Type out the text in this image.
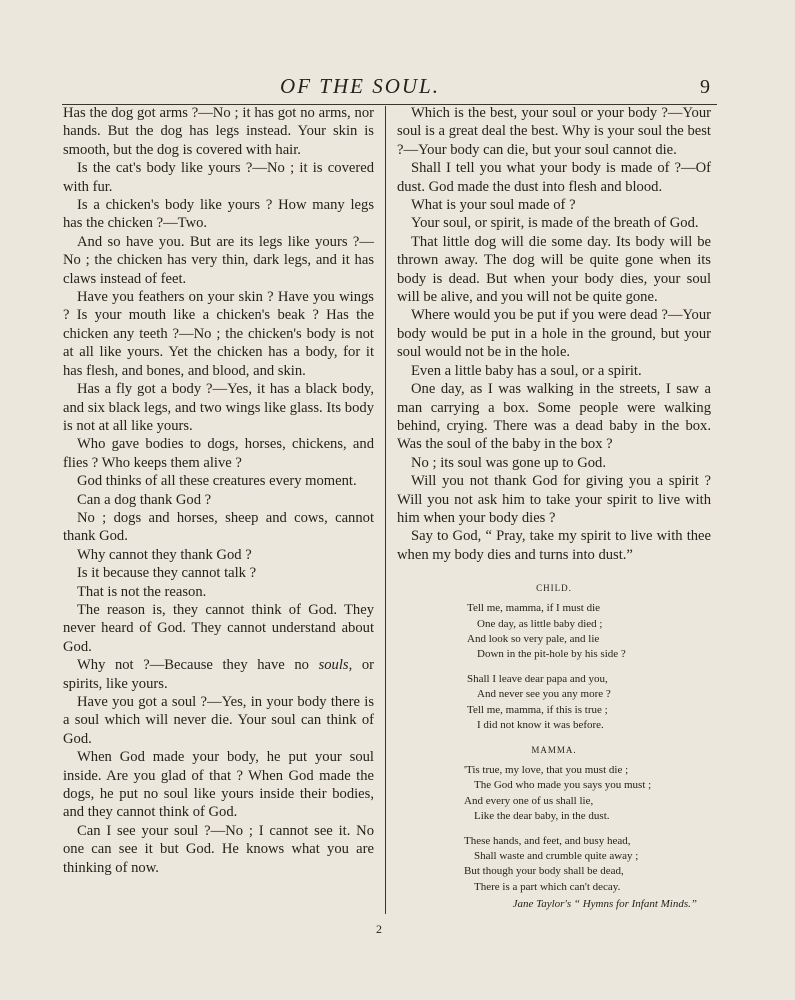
OF THE SOUL.	9
2

Has the dog got arms ?—No ; it has got no arms, nor hands. But the dog has legs instead. Your skin is smooth, but the dog is covered with hair.

Is the cat's body like yours ?—No ; it is covered with fur.

Is a chicken's body like yours ? How many legs has the chicken ?—Two.

And so have you. But are its legs like yours ?—No ; the chicken has very thin, dark legs, and it has claws instead of feet.

Have you feathers on your skin ? Have you wings ? Is your mouth like a chicken's beak ? Has the chicken any teeth ?—No ; the chicken's body is not at all like yours. Yet the chicken has a body, for it has flesh, and bones, and blood, and skin.

Has a fly got a body ?—Yes, it has a black body, and six black legs, and two wings like glass. Its body is not at all like yours.

Who gave bodies to dogs, horses, chickens, and flies ? Who keeps them alive ?

God thinks of all these creatures every moment.

Can a dog thank God ?

No ; dogs and horses, sheep and cows, cannot thank God.

Why cannot they thank God ?

Is it because they cannot talk ?

That is not the reason.

The reason is, they cannot think of God. They never heard of God. They cannot understand about God.

Why not ?—Because they have no souls, or spirits, like yours.

Have you got a soul ?—Yes, in your body there is a soul which will never die. Your soul can think of God.

When God made your body, he put your soul inside. Are you glad of that ? When God made the dogs, he put no soul like yours inside their bodies, and they cannot think of God.

Can I see your soul ?—No ; I cannot see it. No one can see it but God. He knows what you are thinking of now.

Which is the best, your soul or your body ?—Your soul is a great deal the best. Why is your soul the best ?—Your body can die, but your soul cannot die.

Shall I tell you what your body is made of ?—Of dust. God made the dust into flesh and blood.

What is your soul made of ?

Your soul, or spirit, is made of the breath of God.

That little dog will die some day. Its body will be thrown away. The dog will be quite gone when its body is dead. But when your body dies, your soul will be alive, and you will not be quite gone.

Where would you be put if you were dead ?—Your body would be put in a hole in the ground, but your soul would not be in the hole.

Even a little baby has a soul, or a spirit.

One day, as I was walking in the streets, I saw a man carrying a box. Some people were walking behind, crying. There was a dead baby in the box. Was the soul of the baby in the box ?

No ; its soul was gone up to God.

Will you not thank God for giving you a spirit ? Will you not ask him to take your spirit to live with him when your body dies ?

Say to God, “ Pray, take my spirit to live with thee when my body dies and turns into dust.”

CHILD.
Tell me, mamma, if I must die
One day, as little baby died ;
And look so very pale, and lie
Down in the pit-hole by his side ?
Shall I leave dear papa and you,
And never see you any more ?
Tell me, mamma, if this is true ;
I did not know it was before.
MAMMA.
'Tis true, my love, that you must die ;
The God who made you says you must ;
And every one of us shall lie,
Like the dear baby, in the dust.
These hands, and feet, and busy head,
Shall waste and crumble quite away ;
But though your body shall be dead,
There is a part which can't decay.
Jane Taylor's “ Hymns for Infant Minds.”
